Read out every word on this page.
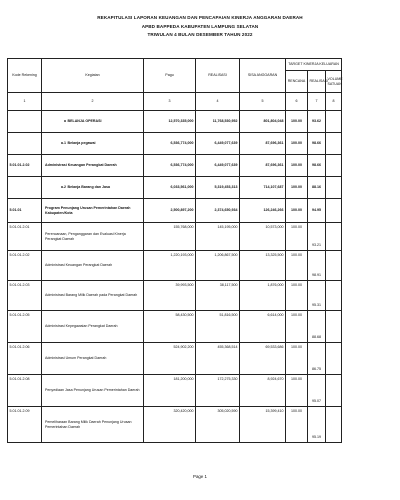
REKAPITULASI LAPORAN KEUANGAN DAN PENCAPAIAN KINERJA ANGGARAN DAERAH
APBD BAPPEDA KABUPATEN LAMPUNG SELATAN
TRIWULAN 4 BULAN DESEMBER TAHUN 2022
Kode Rekening	Kegiatan	Pagu	REALISASI	SISA ANGGARAN	TARGET KINERJA KELUARAN		
					RENCANA	REALISASI	VOLUME SATUAN
1	2	3	4	5	6	7	8

	a BELANJA OPERASI	12,570,335,000	11,768,530,952	801,804,048	100.00	93.62	

	a.1 Belanja pegawai	6,536,774,000	6,449,077,639	87,696,361	100.00	98.66	
5.01.01.2.02	Administrasi Keuangan Perangkat Daerah	6,536,774,000	6,449,077,639	87,696,361	100.00	98.66	

	a.2 Belanja Barang dan Jasa	6,033,561,000	5,319,453,313	714,107,687	100.00	88.16	
5.01.01	Program Penunjang Urusan Pemerintahan Daerah Kabupaten/Kota	2,500,897,200	2,374,650,934	126,246,266	100.00	94.95	
5.01.01.2.01	Perencanaan, Penganggaran dan Evaluasi Kinerja Perangkat Daerah	155,768,000	145,195,000	10,573,000	100.00	93.21	
5.01.01.2.02	Administrasi Keuangan Perangkat Daerah	1,220,193,000	1,206,867,500	13,325,500	100.00	98.91	
5.01.01.2.03	Administrasi Barang Milik Daerah pada Perangkat Daerah	39,993,500	38,117,500	1,876,000	100.00	95.31	
5.01.01.2.05	Administrasi Kepegawaian Perangkat Daerah	58,430,500	51,816,500	6,614,000	100.00	88.68	
5.01.01.2.06	Administrasi Umum Perangkat Daerah	524,902,200	455,368,514	69,533,686	100.00	86.75	
5.01.01.2.08	Penyediaan Jasa Penunjang Urusan Pemerintahan Daerah	181,200,000	172,275,330	8,924,670	100.00	95.07	
5.01.01.2.09	Pemeliharaan Barang Milik Daerah Penunjang Urusan Pemerintahan Daerah	320,420,000	305,020,590	15,399,410	100.00	95.19	
Page 1
